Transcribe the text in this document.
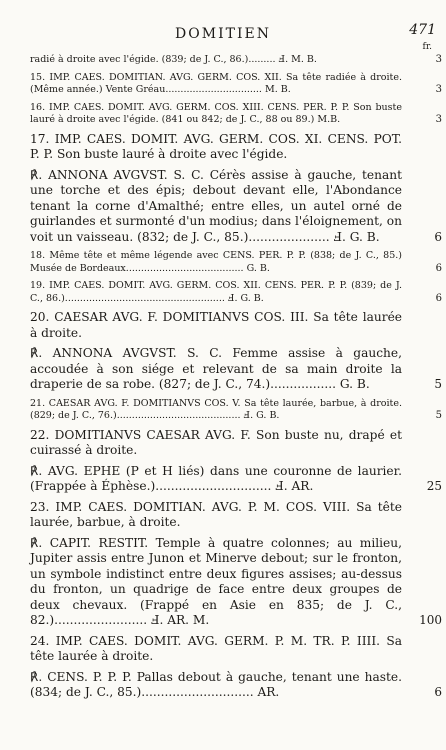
DOMITIEN	471
fr.
radié à droite avec l'égide. (839; de J. C., 86.)......... Ⅎ. M. B.	3
15. IMP. CAES. DOMITIAN. AVG. GERM. COS. XII. Sa tête radiée à droite. (Même année.) Vente Gréau................................ M. B.	3
16. IMP. CAES. DOMIT. AVG. GERM. COS. XIII. CENS. PER. P. P. Son buste lauré à droite avec l'égide. (841 ou 842; de J. C., 88 ou 89.) M.B.	3
17. IMP. CAES. DOMIT. AVG. GERM. COS. XI. CENS. POT. P. P. Son buste lauré à droite avec l'égide.
℟. ANNONA AVGVST. S. C. Cérès assise à gauche, tenant une torche et des épis; debout devant elle, l'Abondance tenant la corne d'Amalthé; entre elles, un autel orné de guirlandes et surmonté d'un modius; dans l'éloignement, on voit un vaisseau. (832; de J. C., 85.)..................... Ⅎ. G. B.	6
18. Même tête et même légende avec CENS. PER. P. P. (838; de J. C., 85.) Musée de Bordeaux....................................... G. B.	6
19. IMP. CAES. DOMIT. AVG. GERM. COS. XII. CENS. PER. P. P. (839; de J. C., 86.)..................................................... Ⅎ. G. B.	6
20. CAESAR AVG. F. DOMITIANVS COS. III. Sa tête laurée à droite.
℟. ANNONA AVGVST. S. C. Femme assise à gauche, accoudée à son siége et relevant de sa main droite la draperie de sa robe. (827; de J. C., 74.)................. G. B.	5
21. CAESAR AVG. F. DOMITIANVS COS. V. Sa tête laurée, barbue, à droite. (829; de J. C., 76.)......................................... Ⅎ. G. B.	5
22. DOMITIANVS CAESAR AVG. F. Son buste nu, drapé et cuirassé à droite.
℟. AVG. EPHE (P et H liés) dans une couronne de laurier. (Frappée à Éphèse.).............................. Ⅎ. AR.	25
23. IMP. CAES. DOMITIAN. AVG. P. M. COS. VIII. Sa tête laurée, barbue, à droite.
℟. CAPIT. RESTIT. Temple à quatre colonnes; au milieu, Jupiter assis entre Junon et Minerve debout; sur le fronton, un symbole indistinct entre deux figures assises; au-dessus du fronton, un quadrige de face entre deux groupes de deux chevaux. (Frappé en Asie en 835; de J. C., 82.)........................ Ⅎ. AR. M.	100
24. IMP. CAES. DOMIT. AVG. GERM. P. M. TR. P. IIII. Sa tête laurée à droite.
℟. CENS. P. P. P. Pallas debout à gauche, tenant une haste. (834; de J. C., 85.)............................. AR.	6
